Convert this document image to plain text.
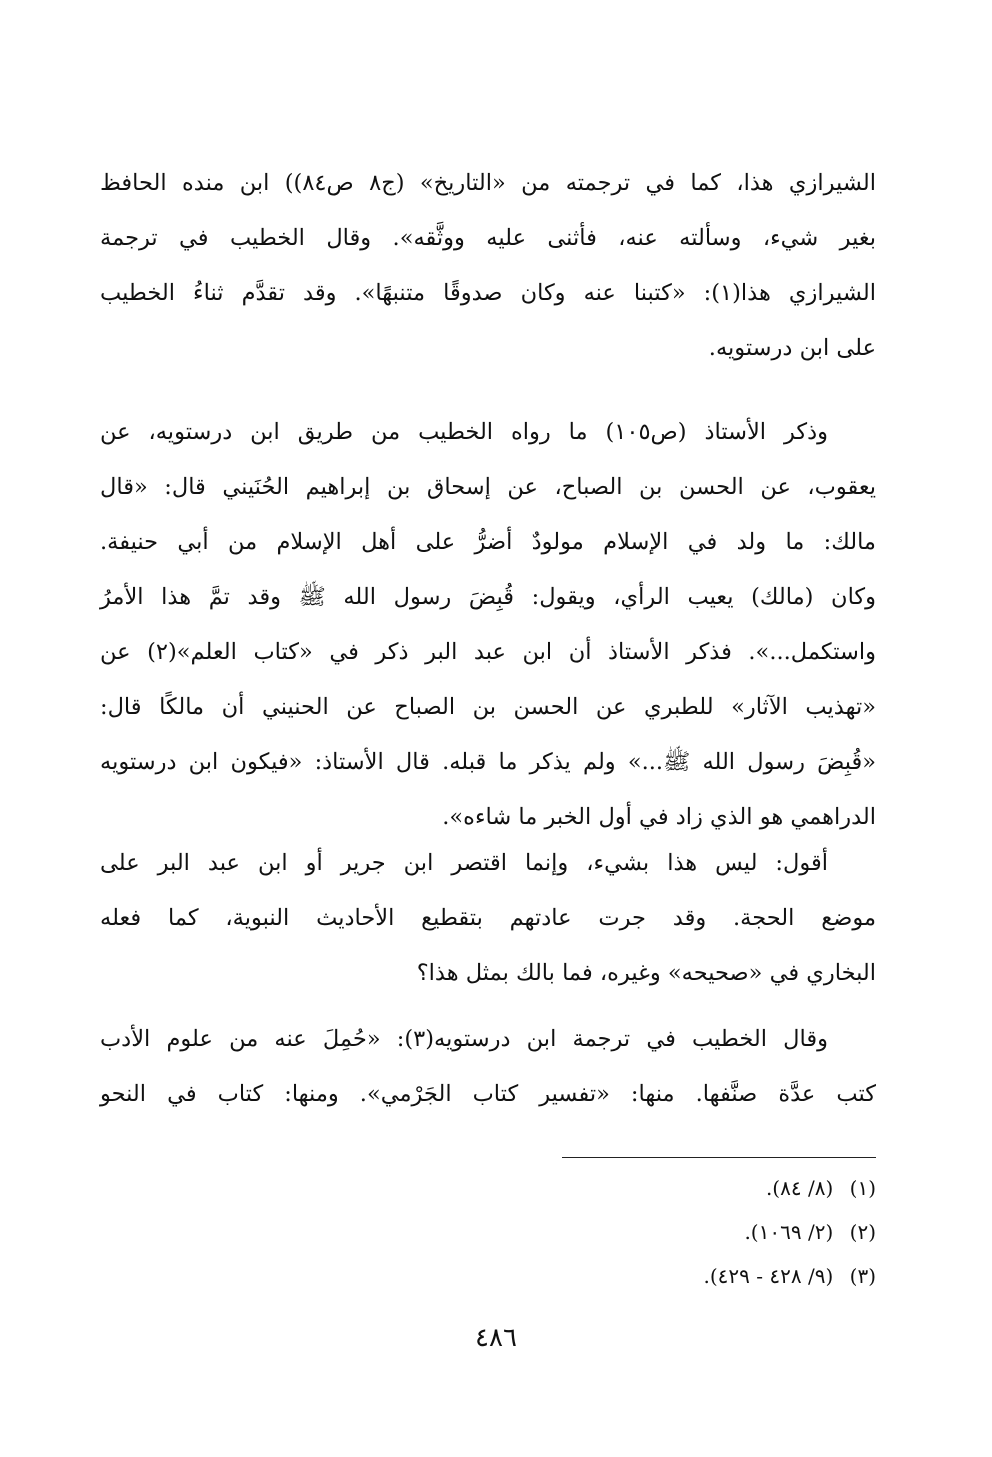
الشيرازي هذا، كما في ترجمته من «التاريخ» (ج٨ ص٨٤)) ابن منده الحافظ
بغير شيء، وسألته عنه، فأثنى عليه ووثَّقه». وقال الخطيب في ترجمة
الشيرازي هذا(١): «كتبنا عنه وكان صدوقًا متنبهًا». وقد تقدَّم ثناءُ الخطيب
على ابن درستويه.
وذكر الأستاذ (ص١٠٥) ما رواه الخطيب من طريق ابن درستويه، عن
يعقوب، عن الحسن بن الصباح، عن إسحاق بن إبراهيم الحُنَيني قال: «قال
مالك: ما ولد في الإسلام مولودٌ أضرُّ على أهل الإسلام من أبي حنيفة.
وكان (مالك) يعيب الرأي، ويقول: قُبِضَ رسول الله ﷺ وقد تمَّ هذا الأمرُ
واستكمل...». فذكر الأستاذ أن ابن عبد البر ذكر في «كتاب العلم»(٢) عن
«تهذيب الآثار» للطبري عن الحسن بن الصباح عن الحنيني أن مالكًا قال:
«قُبِضَ رسول الله ﷺ...» ولم يذكر ما قبله. قال الأستاذ: «فيكون ابن درستويه
الدراهمي هو الذي زاد في أول الخبر ما شاءه».
أقول: ليس هذا بشيء، وإنما اقتصر ابن جرير أو ابن عبد البر على
موضع الحجة. وقد جرت عادتهم بتقطيع الأحاديث النبوية، كما فعله
البخاري في «صحيحه» وغيره، فما بالك بمثل هذا؟
وقال الخطيب في ترجمة ابن درستويه(٣): «حُمِلَ عنه من علوم الأدب
كتب عدَّة صنَّفها. منها: «تفسير كتاب الجَرْمي». ومنها: كتاب في النحو
(١) (٨/ ٨٤).
(٢) (٢/ ١٠٦٩).
(٣) (٩/ ٤٢٨ - ٤٢٩).
٤٨٦
